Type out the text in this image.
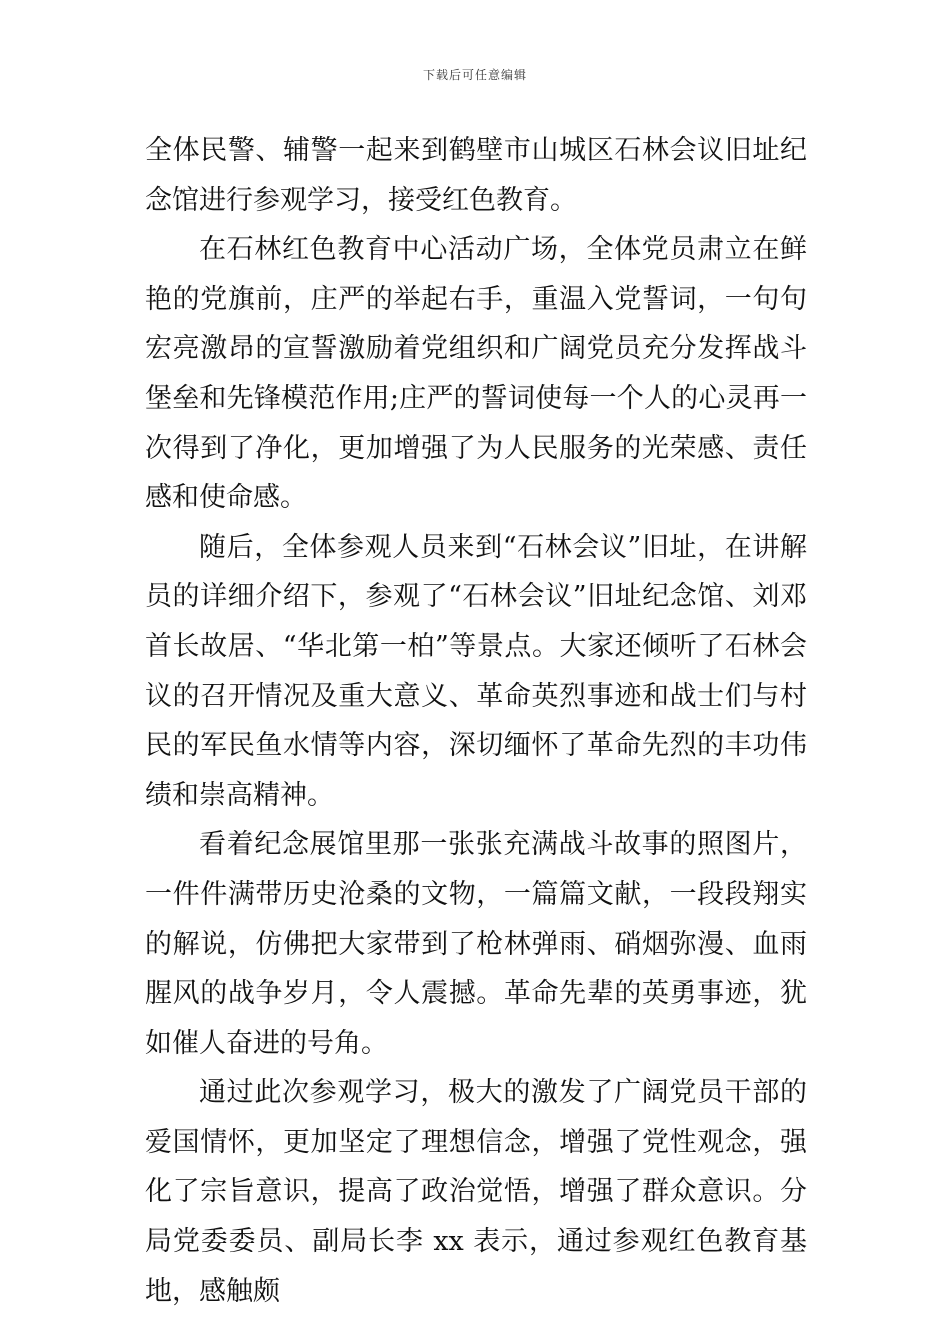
下载后可任意编辑

全体民警、辅警一起来到鹤壁市山城区石林会议旧址纪念馆进行参观学习，接受红色教育。

在石林红色教育中心活动广场，全体党员肃立在鲜艳的党旗前，庄严的举起右手，重温入党誓词，一句句宏亮激昂的宣誓激励着党组织和广阔党员充分发挥战斗堡垒和先锋模范作用;庄严的誓词使每一个人的心灵再一次得到了净化，更加增强了为人民服务的光荣感、责任感和使命感。

随后，全体参观人员来到“石林会议”旧址，在讲解员的详细介绍下，参观了“石林会议”旧址纪念馆、刘邓首长故居、“华北第一柏”等景点。大家还倾听了石林会议的召开情况及重大意义、革命英烈事迹和战士们与村民的军民鱼水情等内容，深切缅怀了革命先烈的丰功伟绩和崇高精神。

看着纪念展馆里那一张张充满战斗故事的照图片，一件件满带历史沧桑的文物，一篇篇文献，一段段翔实的解说，仿佛把大家带到了枪林弹雨、硝烟弥漫、血雨腥风的战争岁月，令人震撼。革命先辈的英勇事迹，犹如催人奋进的号角。

通过此次参观学习，极大的激发了广阔党员干部的爱国情怀，更加坚定了理想信念，增强了党性观念，强化了宗旨意识，提高了政治觉悟，增强了群众意识。分局党委委员、副局长李 xx 表示，通过参观红色教育基地，感触颇
